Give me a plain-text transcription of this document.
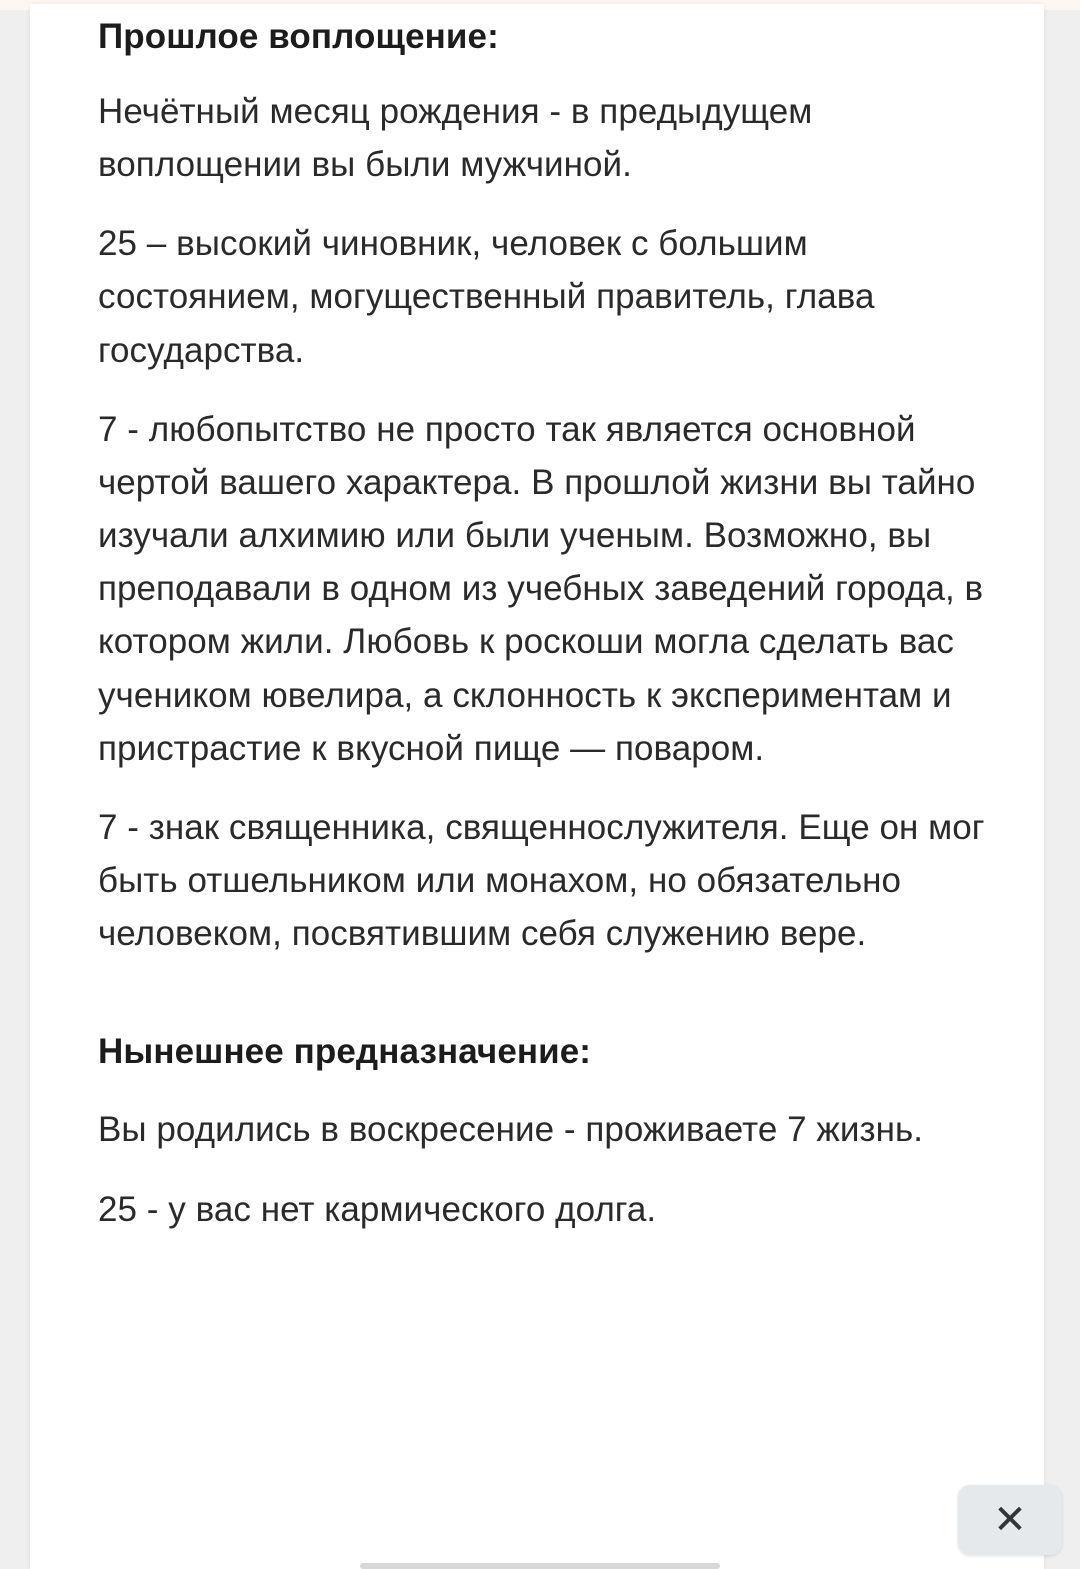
Прошлое воплощение:

Нечётный месяц рождения - в предыдущем воплощении вы были мужчиной.

25 – высокий чиновник, человек с большим состоянием, могущественный правитель, глава государства.

7 - любопытство не просто так является основной чертой вашего характера. В прошлой жизни вы тайно изучали алхимию или были ученым. Возможно, вы преподавали в одном из учебных заведений города, в котором жили. Любовь к роскоши могла сделать вас учеником ювелира, а склонность к экспериментам и пристрастие к вкусной пище — поваром.

7 - знак священника, священнослужителя. Еще он мог быть отшельником или монахом, но обязательно человеком, посвятившим себя служению вере.

Нынешнее предназначение:

Вы родились в воскресение - проживаете 7 жизнь.

25 - у вас нет кармического долга.

✕
